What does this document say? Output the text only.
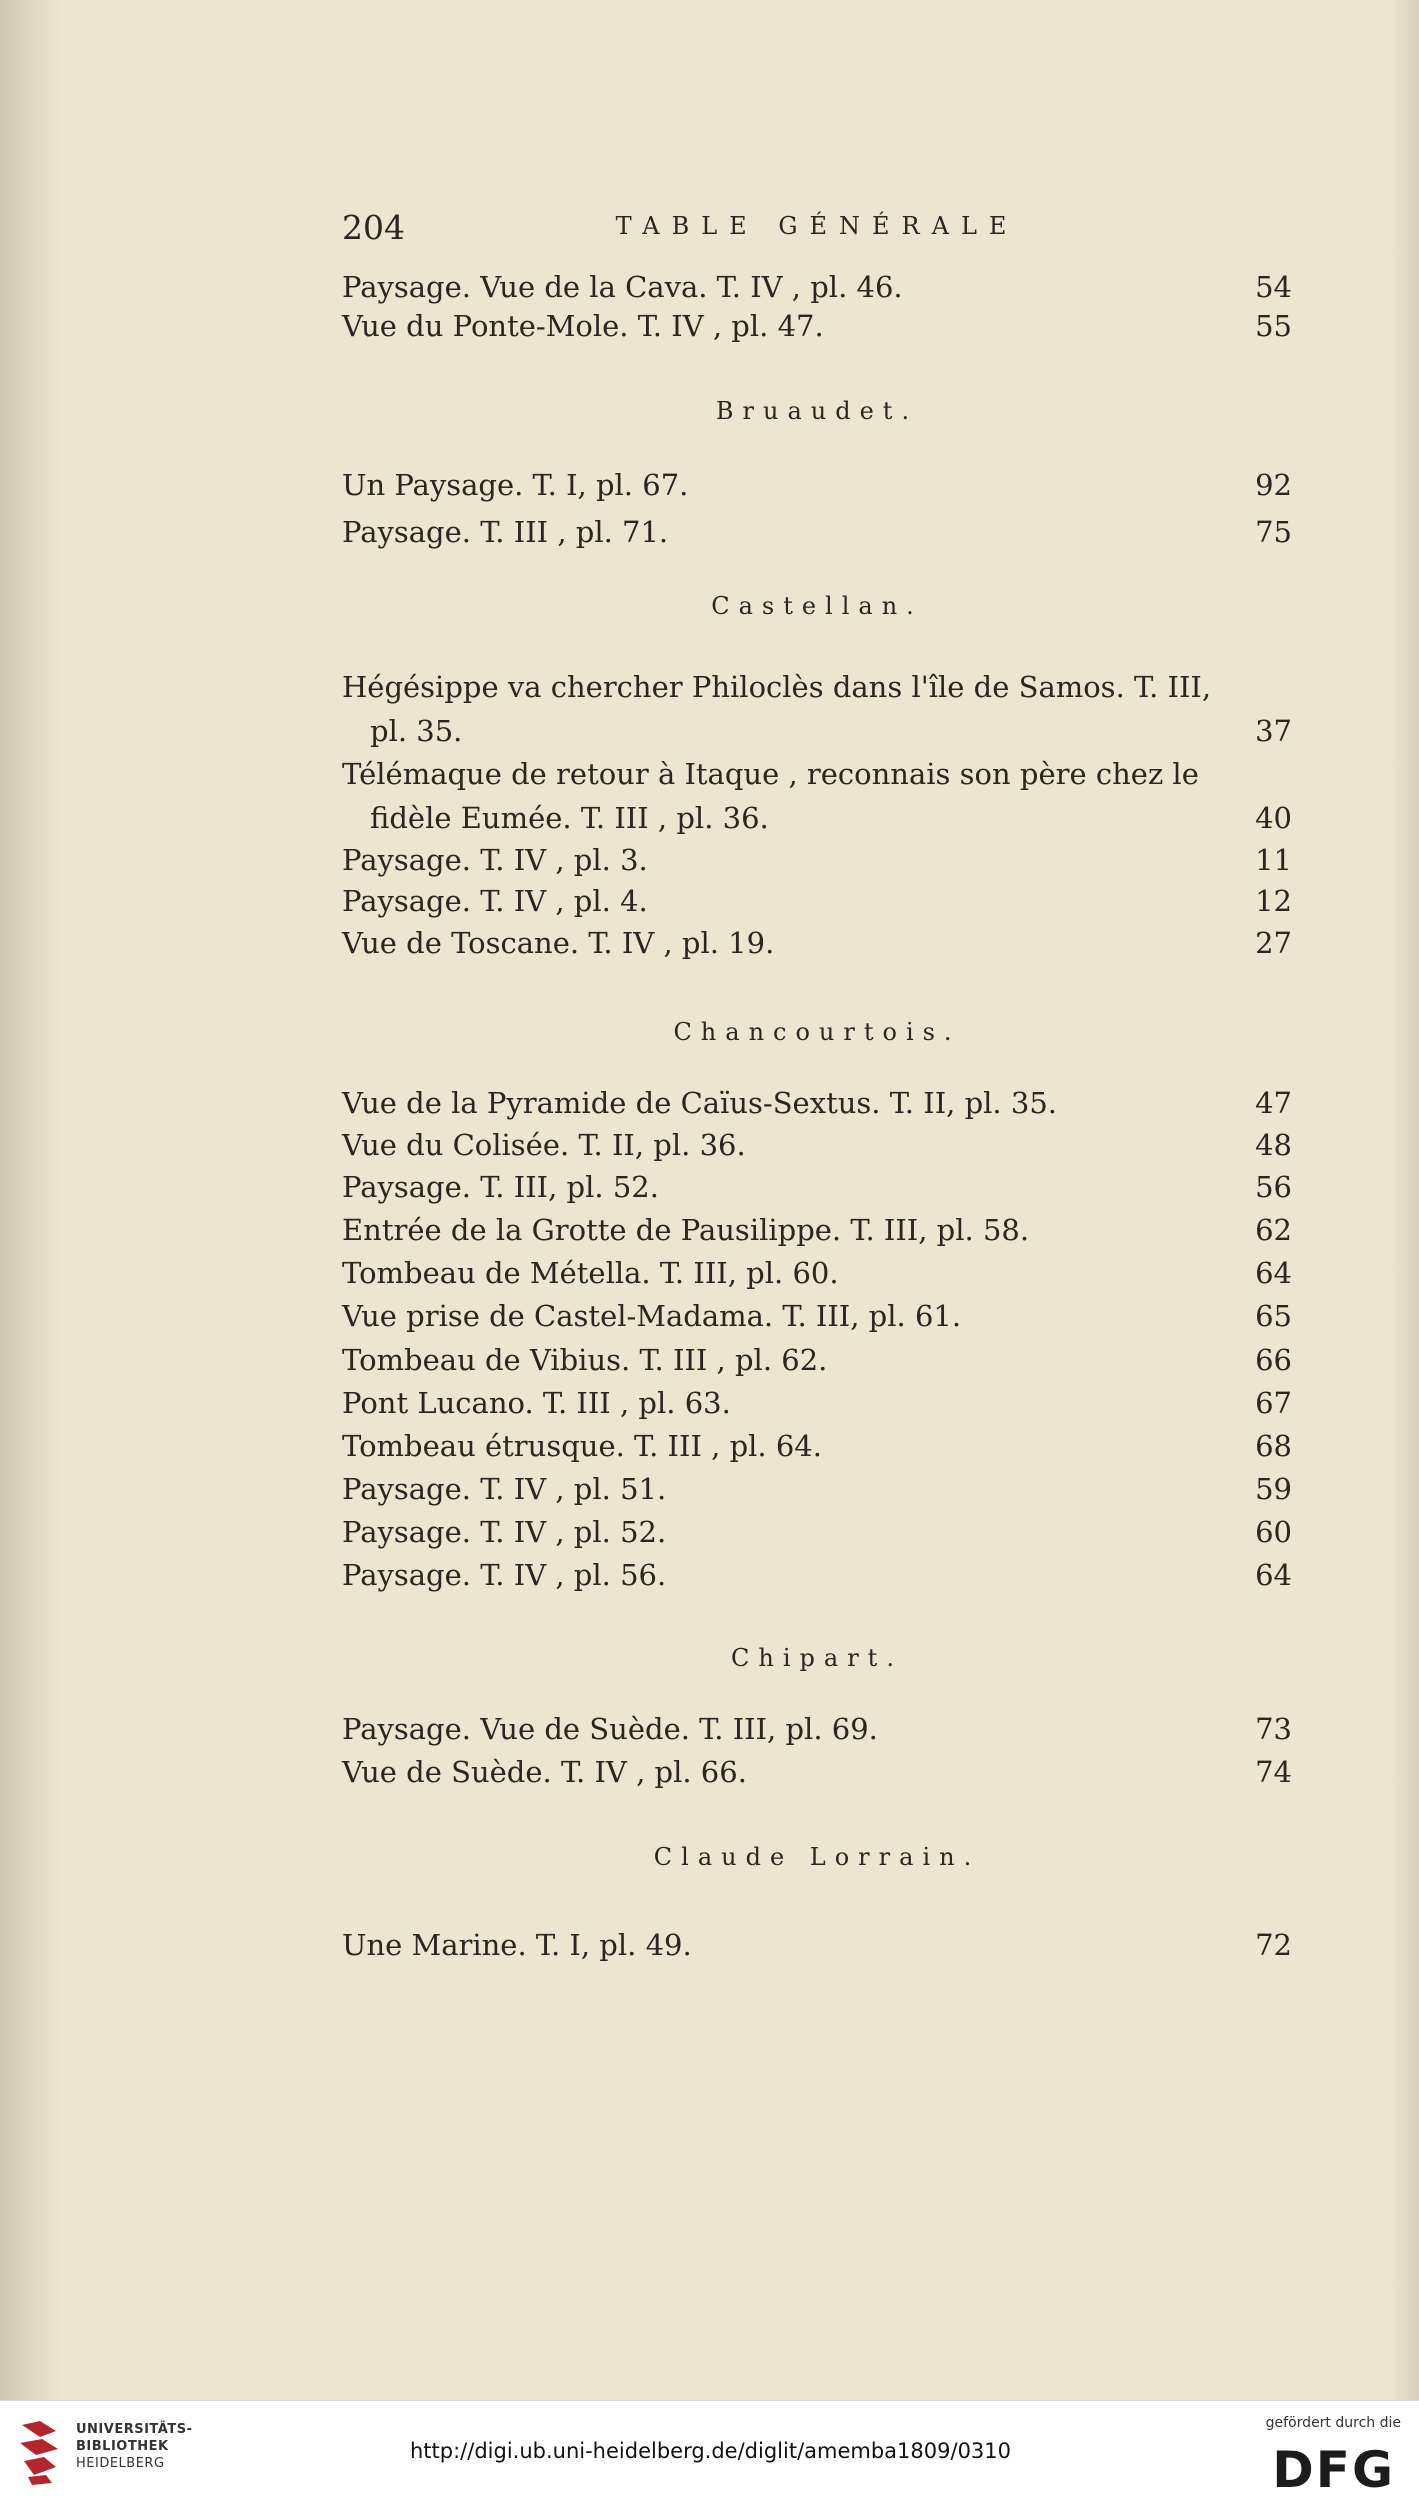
204	TABLE GÉNÉRALE
Paysage. Vue de la Cava. T. IV , pl. 46.	54
Vue du Ponte-Mole. T. IV , pl. 47.	55
Bruaudet.
Un Paysage. T. I, pl. 67.	92
Paysage. T. III , pl. 71.	75
Castellan.
Hégésippe va chercher Philoclès dans l'île de Samos. T. III,
pl. 35.	37
Télémaque de retour à Itaque , reconnais son père chez le
fidèle Eumée. T. III , pl. 36.	40
Paysage. T. IV , pl. 3.	11
Paysage. T. IV , pl. 4.	12
Vue de Toscane. T. IV , pl. 19.	27
Chancourtois.
Vue de la Pyramide de Caïus-Sextus. T. II, pl. 35.	47
Vue du Colisée. T. II, pl. 36.	48
Paysage. T. III, pl. 52.	56
Entrée de la Grotte de Pausilippe. T. III, pl. 58.	62
Tombeau de Métella. T. III, pl. 60.	64
Vue prise de Castel-Madama. T. III, pl. 61.	65
Tombeau de Vibius. T. III , pl. 62.	66
Pont Lucano. T. III , pl. 63.	67
Tombeau étrusque. T. III , pl. 64.	68
Paysage. T. IV , pl. 51.	59
Paysage. T. IV , pl. 52.	60
Paysage. T. IV , pl. 56.	64
Chipart.
Paysage. Vue de Suède. T. III, pl. 69.	73
Vue de Suède. T. IV , pl. 66.	74
Claude Lorrain.
Une Marine. T. I, pl. 49.	72
UNIVERSITÄTS-
BIBLIOTHEK
HEIDELBERG
http://digi.ub.uni-heidelberg.de/diglit/amemba1809/0310
gefördert durch die
DFG
